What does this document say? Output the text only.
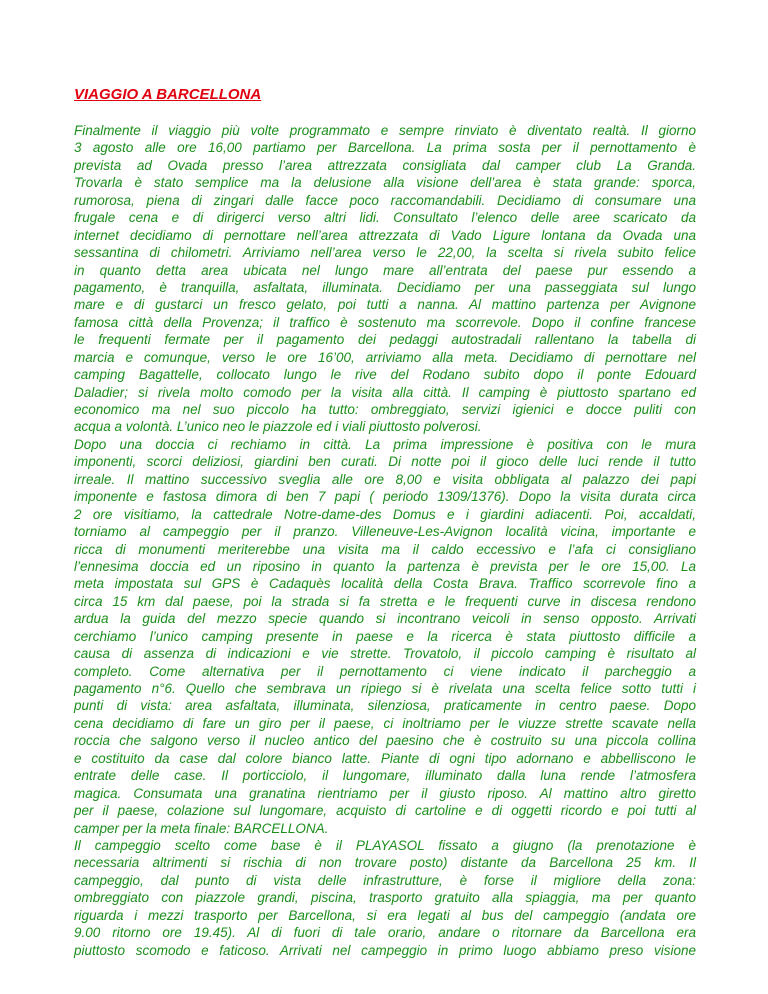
VIAGGIO A BARCELLONA
Finalmente il viaggio più volte programmato e sempre rinviato è diventato realtà. Il giorno
3 agosto alle ore 16,00 partiamo per Barcellona. La prima sosta per il pernottamento è
prevista ad Ovada presso l’area attrezzata consigliata dal camper club La Granda.
Trovarla è stato semplice ma la delusione alla visione dell’area è stata grande: sporca,
rumorosa, piena di zingari dalle facce poco raccomandabili. Decidiamo di consumare una
frugale cena e di dirigerci verso altri lidi. Consultato l’elenco delle aree scaricato da
internet decidiamo di pernottare nell’area attrezzata di Vado Ligure lontana da Ovada una
sessantina di chilometri. Arriviamo nell’area verso le 22,00, la scelta si rivela subito felice
in quanto detta area ubicata nel lungo mare all’entrata del paese pur essendo a
pagamento, è tranquilla, asfaltata, illuminata. Decidiamo per una passeggiata sul lungo
mare e di gustarci un fresco gelato, poi tutti a nanna. Al mattino partenza per Avignone
famosa città della Provenza; il traffico è sostenuto ma scorrevole. Dopo il confine francese
le frequenti fermate per il pagamento dei pedaggi autostradali rallentano la tabella di
marcia e comunque, verso le ore 16’00, arriviamo alla meta. Decidiamo di pernottare nel
camping Bagattelle, collocato lungo le rive del Rodano subito dopo il ponte Edouard
Daladier; si rivela molto comodo per la visita alla città. Il camping è piuttosto spartano ed
economico ma nel suo piccolo ha tutto: ombreggiato, servizi igienici e docce puliti con
acqua a volontà. L’unico neo le piazzole ed i viali piuttosto polverosi.
Dopo una doccia ci rechiamo in città. La prima impressione è positiva con le mura
imponenti, scorci deliziosi, giardini ben curati. Di notte poi il gioco delle luci rende il tutto
irreale. Il mattino successivo sveglia alle ore 8,00 e visita obbligata al palazzo dei papi
imponente e fastosa dimora di ben 7 papi ( periodo 1309/1376). Dopo la visita durata circa
2 ore visitiamo, la cattedrale Notre-dame-des Domus e i giardini adiacenti. Poi, accaldati,
torniamo al campeggio per il pranzo. Villeneuve-Les-Avignon località vicina, importante e
ricca di monumenti meriterebbe una visita ma il caldo eccessivo e l’afa ci consigliano
l’ennesima doccia ed un riposino in quanto la partenza è prevista per le ore 15,00. La
meta impostata sul GPS è Cadaquès località della Costa Brava. Traffico scorrevole fino a
circa 15 km dal paese, poi la strada si fa stretta e le frequenti curve in discesa rendono
ardua la guida del mezzo specie quando si incontrano veicoli in senso opposto. Arrivati
cerchiamo l’unico camping presente in paese e la ricerca è stata piuttosto difficile a
causa di assenza di indicazioni e vie strette. Trovatolo, il piccolo camping è risultato al
completo. Come alternativa per il pernottamento ci viene indicato il parcheggio a
pagamento n°6. Quello che sembrava un ripiego si è rivelata una scelta felice sotto tutti i
punti di vista: area asfaltata, illuminata, silenziosa, praticamente in centro paese. Dopo
cena decidiamo di fare un giro per il paese, ci inoltriamo per le viuzze strette scavate nella
roccia che salgono verso il nucleo antico del paesino che è costruito su una piccola collina
e costituito da case dal colore bianco latte. Piante di ogni tipo adornano e abbelliscono le
entrate delle case. Il porticciolo, il lungomare, illuminato dalla luna rende l’atmosfera
magica. Consumata una granatina rientriamo per il giusto riposo. Al mattino altro giretto
per il paese, colazione sul lungomare, acquisto di cartoline e di oggetti ricordo e poi tutti al
camper per la meta finale: BARCELLONA.
Il campeggio scelto come base è il PLAYASOL fissato a giugno (la prenotazione è
necessaria altrimenti si rischia di non trovare posto) distante da Barcellona 25 km. Il
campeggio, dal punto di vista delle infrastrutture, è forse il migliore della zona:
ombreggiato con piazzole grandi, piscina, trasporto gratuito alla spiaggia, ma per quanto
riguarda i mezzi trasporto per Barcellona, si era legati al bus del campeggio (andata ore
9.00 ritorno ore 19.45). Al di fuori di tale orario, andare o ritornare da Barcellona era
piuttosto scomodo e faticoso. Arrivati nel campeggio in primo luogo abbiamo preso visione
